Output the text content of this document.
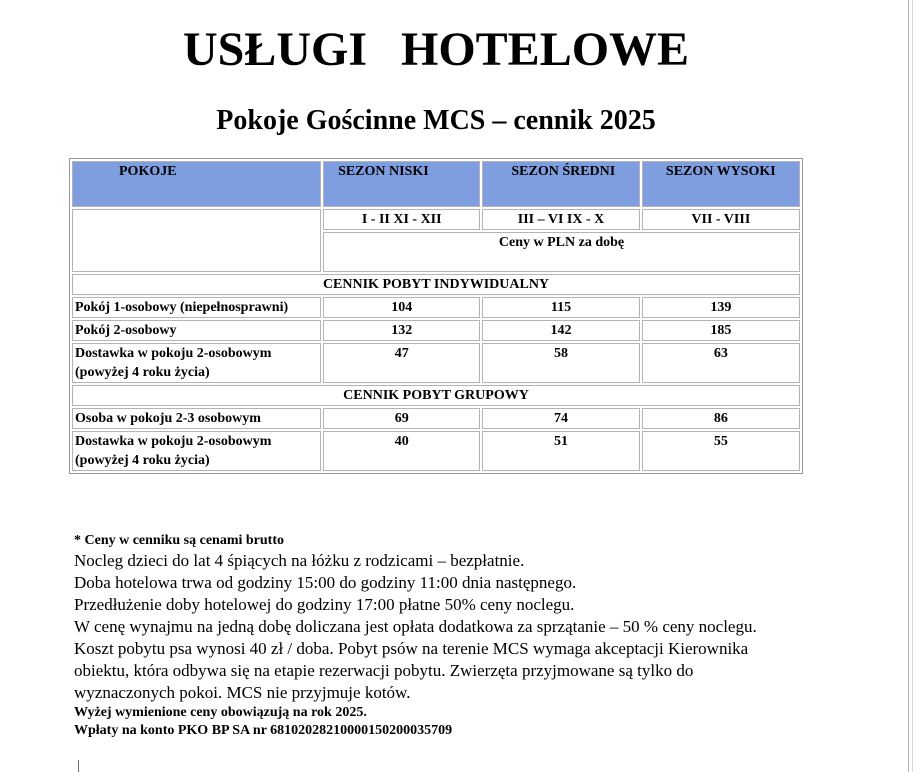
USŁUGI HOTELOWE
Pokoje Gościnne MCS – cennik 2025
POKOJE	SEZON NISKI	SEZON ŚREDNI	SEZON WYSOKI
	I - II XI - XII	III – VI IX - X	VII - VIII
	Ceny w PLN za dobę		
CENNIK POBYT INDYWIDUALNY			
Pokój 1-osobowy (niepełnosprawni)	104	115	139
Pokój 2-osobowy	132	142	185
Dostawka w pokoju 2-osobowym (powyżej 4 roku życia)	47	58	63
CENNIK POBYT GRUPOWY			
Osoba w pokoju 2-3 osobowym	69	74	86
Dostawka w pokoju 2-osobowym (powyżej 4 roku życia)	40	51	55

* Ceny w cenniku są cenami brutto

Nocleg dzieci do lat 4 śpiących na łóżku z rodzicami – bezpłatnie.

Doba hotelowa trwa od godziny 15:00 do godziny 11:00 dnia następnego.

Przedłużenie doby hotelowej do godziny 17:00 płatne 50% ceny noclegu.

W cenę wynajmu na jedną dobę doliczana jest opłata dodatkowa za sprzątanie – 50 % ceny noclegu.

Koszt pobytu psa wynosi 40 zł / doba. Pobyt psów na terenie MCS wymaga akceptacji Kierownika obiektu, która odbywa się na etapie rezerwacji pobytu. Zwierzęta przyjmowane są tylko do wyznaczonych pokoi. MCS nie przyjmuje kotów.

Wyżej wymienione ceny obowiązują na rok 2025.

Wpłaty na konto PKO BP SA nr 68102028210000150200035709
